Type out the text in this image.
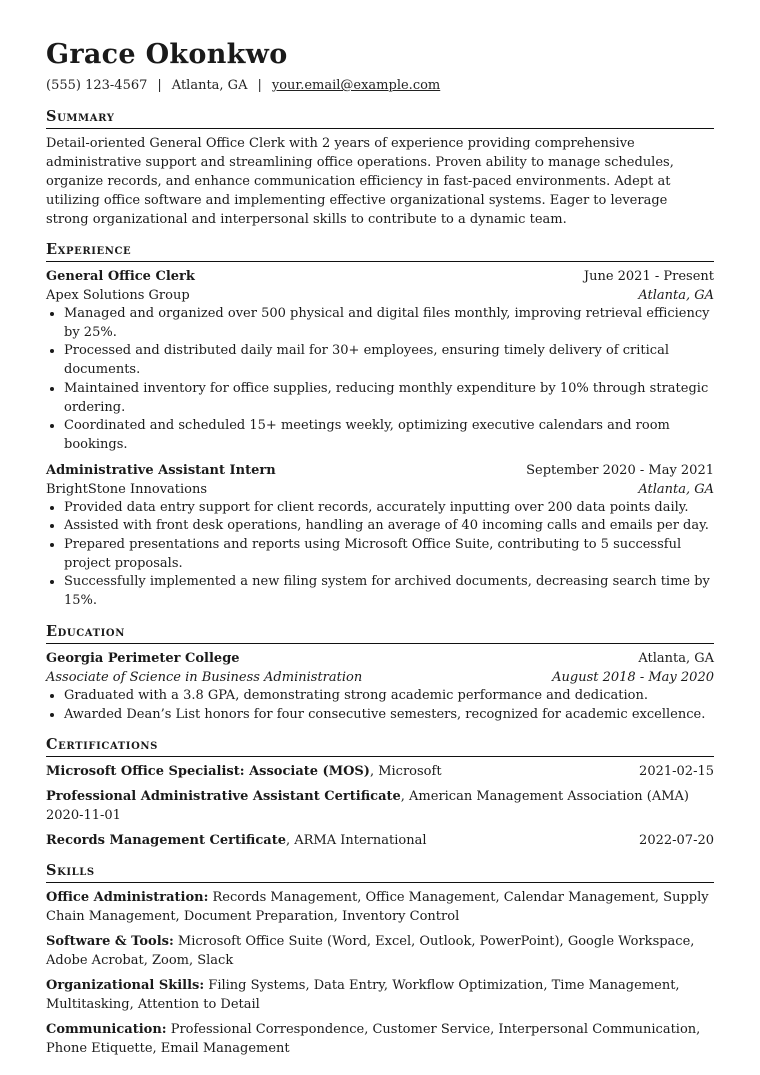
Grace Okonkwo
(555) 123-4567 | Atlanta, GA | your.email@example.com
Summary
Detail-oriented General Office Clerk with 2 years of experience providing comprehensive administrative support and streamlining office operations. Proven ability to manage schedules, organize records, and enhance communication efficiency in fast-paced environments. Adept at utilizing office software and implementing effective organizational systems. Eager to leverage strong organizational and interpersonal skills to contribute to a dynamic team.
Experience
General Office Clerk	June 2021 - Present
Apex Solutions Group	Atlanta, GA
• Managed and organized over 500 physical and digital files monthly, improving retrieval efficiency by 25%.
• Processed and distributed daily mail for 30+ employees, ensuring timely delivery of critical documents.
• Maintained inventory for office supplies, reducing monthly expenditure by 10% through strategic ordering.
• Coordinated and scheduled 15+ meetings weekly, optimizing executive calendars and room bookings.
Administrative Assistant Intern	September 2020 - May 2021
BrightStone Innovations	Atlanta, GA
• Provided data entry support for client records, accurately inputting over 200 data points daily.
• Assisted with front desk operations, handling an average of 40 incoming calls and emails per day.
• Prepared presentations and reports using Microsoft Office Suite, contributing to 5 successful project proposals.
• Successfully implemented a new filing system for archived documents, decreasing search time by 15%.
Education
Georgia Perimeter College	Atlanta, GA
Associate of Science in Business Administration	August 2018 - May 2020
• Graduated with a 3.8 GPA, demonstrating strong academic performance and dedication.
• Awarded Dean’s List honors for four consecutive semesters, recognized for academic excellence.
Certifications
Microsoft Office Specialist: Associate (MOS), Microsoft	2021-02-15
Professional Administrative Assistant Certificate, American Management Association (AMA)
2020-11-01
Records Management Certificate, ARMA International	2022-07-20
Skills
Office Administration: Records Management, Office Management, Calendar Management, Supply Chain Management, Document Preparation, Inventory Control
Software & Tools: Microsoft Office Suite (Word, Excel, Outlook, PowerPoint), Google Workspace, Adobe Acrobat, Zoom, Slack
Organizational Skills: Filing Systems, Data Entry, Workflow Optimization, Time Management, Multitasking, Attention to Detail
Communication: Professional Correspondence, Customer Service, Interpersonal Communication, Phone Etiquette, Email Management
